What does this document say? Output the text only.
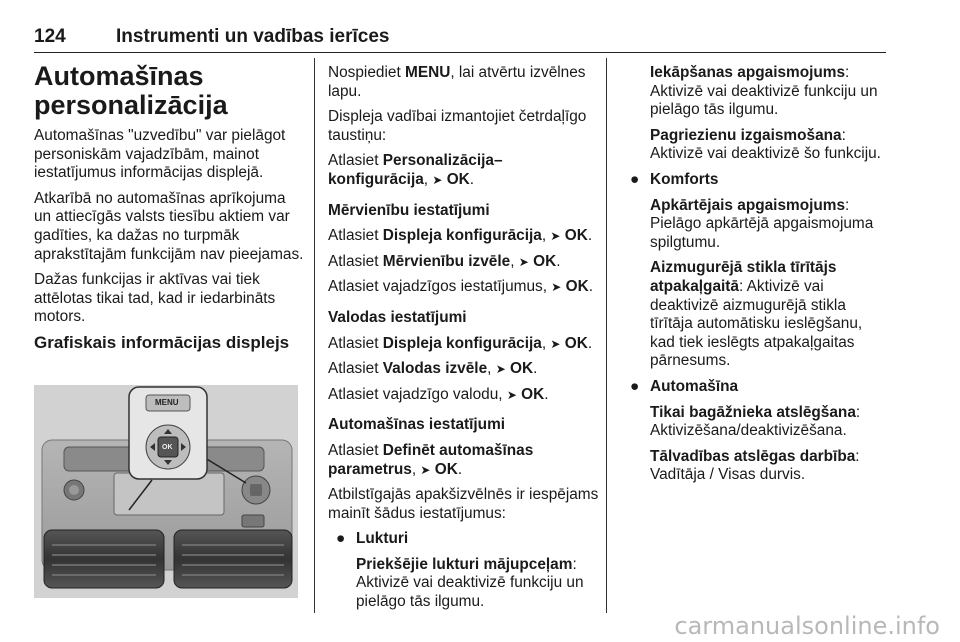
124	Instrumenti un vadības ierīces

Automašīnas personalizācija

Automašīnas "uzvedību" var pielāgot personiskām vajadzībām, mainot iestatījumus informācijas displejā.

Atkarībā no automašīnas aprīkojuma un attiecīgās valsts tiesību aktiem var gadīties, ka dažas no turpmāk aprakstītajām funkcijām nav pieejamas.

Dažas funkcijas ir aktīvas vai tiek attēlotas tikai tad, kad ir iedarbināts motors.

Grafiskais informācijas displejs

MENU
OK

Nospiediet MENU, lai atvērtu izvēlnes lapu.

Displeja vadībai izmantojiet četrdaļīgo taustiņu:

Atlasiet Personalizācija– konfigurācija, ➤ OK.

Mērvienību iestatījumi

Atlasiet Displeja konfigurācija, ➤ OK.

Atlasiet Mērvienību izvēle, ➤ OK.

Atlasiet vajadzīgos iestatījumus, ➤ OK.

Valodas iestatījumi

Atlasiet Displeja konfigurācija, ➤ OK.

Atlasiet Valodas izvēle, ➤ OK.

Atlasiet vajadzīgo valodu, ➤ OK.

Automašīnas iestatījumi

Atlasiet Definēt automašīnas parametrus, ➤ OK.

Atbilstīgajās apakšizvēlnēs ir iespējams mainīt šādus iestatījumus:

● Lukturi

Priekšējie lukturi mājupceļam: Aktivizē vai deaktivizē funkciju un pielāgo tās ilgumu.

Iekāpšanas apgaismojums: Aktivizē vai deaktivizē funkciju un pielāgo tās ilgumu.

Pagriezienu izgaismošana: Aktivizē vai deaktivizē šo funkciju.

● Komforts

Apkārtējais apgaismojums: Pielāgo apkārtējā apgaismojuma spilgtumu.

Aizmugurējā stikla tīrītājs atpakaļgaitā: Aktivizē vai deaktivizē aizmugurējā stikla tīrītāja automātisku ieslēgšanu, kad tiek ieslēgts atpakaļgaitas pārnesums.

● Automašīna

Tikai bagāžnieka atslēgšana: Aktivizēšana/deaktivizēšana.

Tālvadības atslēgas darbība: Vadītāja / Visas durvis.

carmanualsonline.info
